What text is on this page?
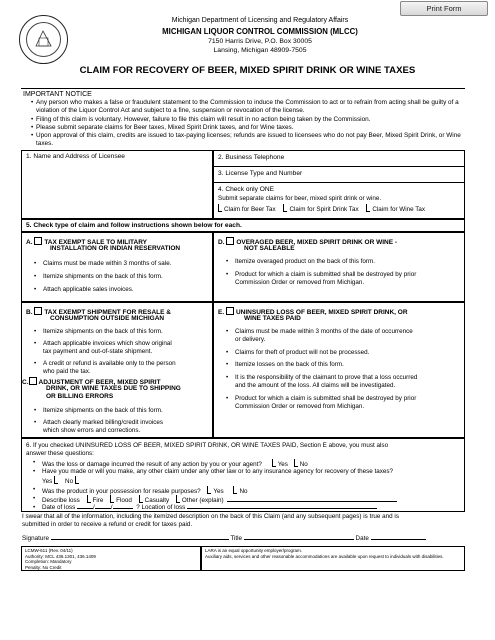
Print Form
Michigan Department of Licensing and Regulatory Affairs
MICHIGAN LIQUOR CONTROL COMMISSION (MLCC)
7150 Harris Drive, P.O. Box 30005
Lansing, Michigan 48909-7505
CLAIM FOR RECOVERY OF BEER, MIXED SPIRIT DRINK OR WINE TAXES
IMPORTANT NOTICE
• Any person who makes a false or fraudulent statement to the Commission to induce the Commission to act or to refrain from acting shall be guilty of a violation of the Liquor Control Act and subject to a fine, suspension or revocation of the license.
• Filing of this claim is voluntary. However, failure to file this claim will result in no action being taken by the Commission.
• Please submit separate claims for Beer taxes, Mixed Spirit Drink taxes, and for Wine taxes.
• Upon approval of this claim, credits are issued to tax-paying licenses; refunds are issued to licensees who do not pay Beer, Mixed Spirit Drink, or Wine taxes.
1. Name and Address of Licensee	2. Business Telephone
3. License Type and Number
4. Check only ONE
Submit separate claims for beer, mixed spirit drink or wine.
Claim for Beer Tax Claim for Spirit Drink Tax Claim for Wine Tax
5. Check type of claim and follow instructions shown below for each.
A. TAX EXEMPT SALE TO MILITARY
INSTALLATION OR INDIAN RESERVATION
• Claims must be made within 3 months of sale.
• Itemize shipments on the back of this form.
• Attach applicable sales invoices.
B. TAX EXEMPT SHIPMENT FOR RESALE &
CONSUMPTION OUTSIDE MICHIGAN
• Itemize shipments on the back of this form.
• Attach applicable invoices which show original
tax payment and out-of-state shipment.
• A credit or refund is available only to the person
who paid the tax.
C. ADJUSTMENT OF BEER, MIXED SPIRIT
DRINK, OR WINE TAXES DUE TO SHIPPING
OR BILLING ERRORS
• Itemize shipments on the back of this form.
• Attach clearly marked billing/credit invoices
which show errors and corrections.
D. OVERAGED BEER, MIXED SPIRIT DRINK OR WINE -
NOT SALEABLE
• Itemize overaged product on the back of this form.
• Product for which a claim is submitted shall be destroyed by prior
Commission Order or removed from Michigan.
E. UNINSURED LOSS OF BEER, MIXED SPIRIT DRINK, OR
WINE TAXES PAID
• Claims must be made within 3 months of the date of occurrence
or delivery.
• Claims for theft of product will not be processed.
• Itemize losses on the back of this form.
• It is the responsibility of the claimant to prove that a loss occurred
and the amount of the loss. All claims will be investigated.
• Product for which a claim is submitted shall be destroyed by prior
Commission Order or removed from Michigan.
6. If you checked UNINSURED LOSS OF BEER, MIXED SPIRIT DRINK, OR WINE TAXES PAID, Section E above, you must also
answer these questions:
• Was the loss or damage incurred the result of any action by you or your agent?	Yes No
• Have you made or will you make, any other claim under any other law or to any insurance agency for recovery of these taxes?
Yes No
• Was the product in your possession for resale purposes? Yes	No
• Describe loss Fire Flood Casualty Other (explain)
• Date of loss	/	/	? Location of loss
I swear that all of the information, including the itemized description on the back of this Claim (and any subsequent pages) is true and is
submitted in order to receive a refund or credit for taxes paid.
Signature	Title	Date
LCMW-611 (Rev. 04/11)
Authority: MCL 436.1301, 436.1409
Completion: Mandatory
Penalty: No Credit
LARA is an equal opportunity employer/program.
Auxiliary aids, services and other reasonable accommodations are available upon request to individuals with disabilities.
